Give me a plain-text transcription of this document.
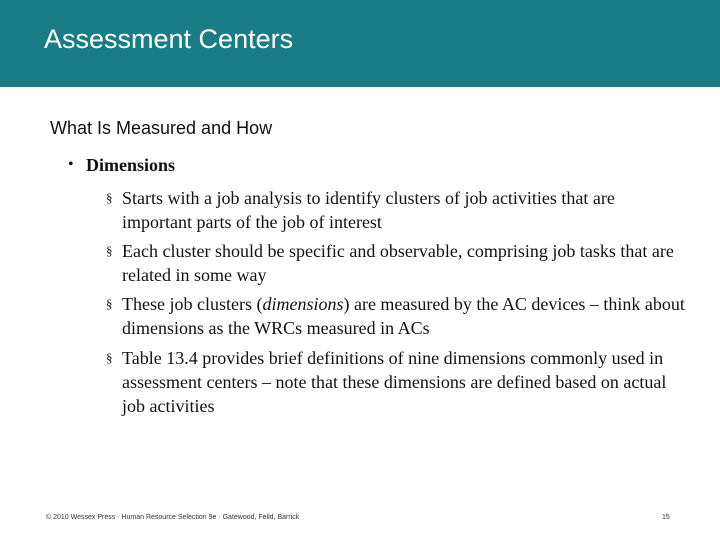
Assessment Centers
What Is Measured and How
• Dimensions
§ Starts with a job analysis to identify clusters of job activities that are important parts of the job of interest
§ Each cluster should be specific and observable, comprising job tasks that are related in some way
§ These job clusters (dimensions) are measured by the AC devices – think about dimensions as the WRCs measured in ACs
§ Table 13.4 provides brief definitions of nine dimensions commonly used in assessment centers – note that these dimensions are defined based on actual job activities
© 2010 Wessex Press · Human Resource Selection 9e · Gatewood, Feild, Barrick	15
